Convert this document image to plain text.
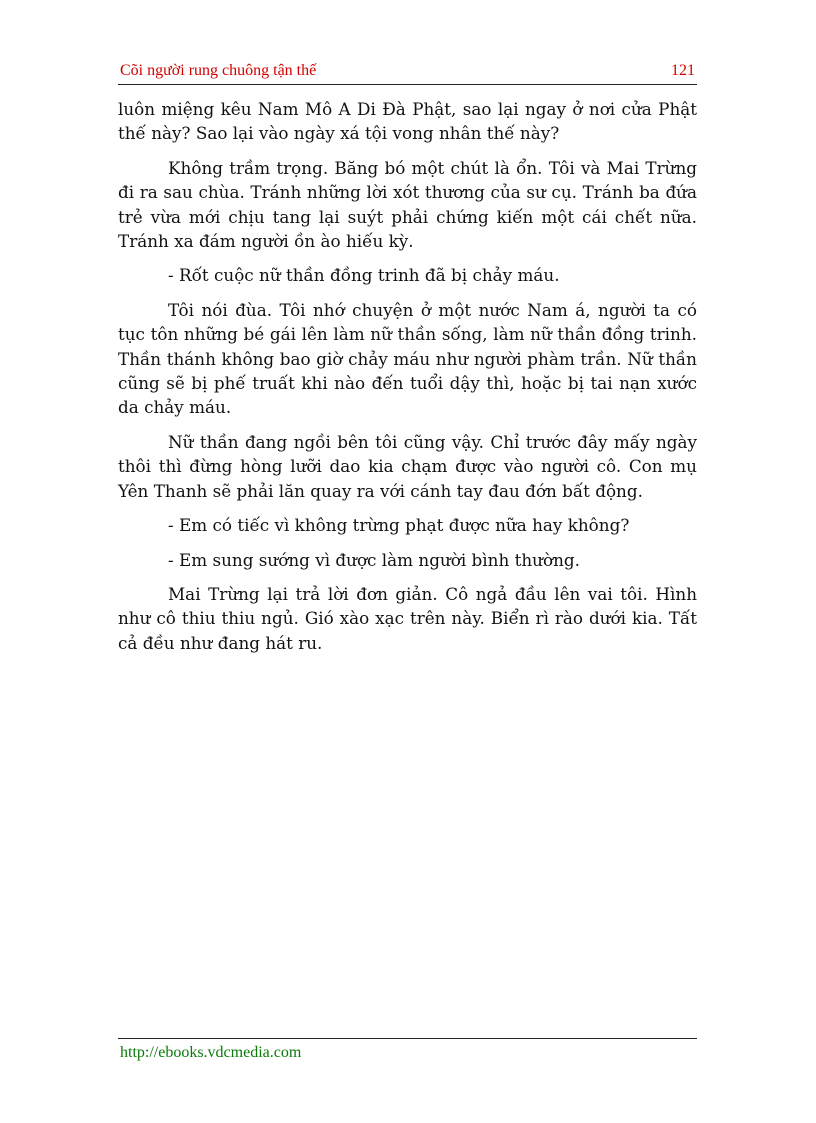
Cõi người rung chuông tận thế	121

luôn miệng kêu Nam Mô A Di Đà Phật, sao lại ngay ở nơi cửa Phật thế này? Sao lại vào ngày xá tội vong nhân thế này?

Không trầm trọng. Băng bó một chút là ổn. Tôi và Mai Trừng đi ra sau chùa. Tránh những lời xót thương của sư cụ. Tránh ba đứa trẻ vừa mới chịu tang lại suýt phải chứng kiến một cái chết nữa. Tránh xa đám người ồn ào hiếu kỳ.

- Rốt cuộc nữ thần đồng trinh đã bị chảy máu.

Tôi nói đùa. Tôi nhớ chuyện ở một nước Nam á, người ta có tục tôn những bé gái lên làm nữ thần sống, làm nữ thần đồng trinh. Thần thánh không bao giờ chảy máu như người phàm trần. Nữ thần cũng sẽ bị phế truất khi nào đến tuổi dậy thì, hoặc bị tai nạn xước da chảy máu.

Nữ thần đang ngồi bên tôi cũng vậy. Chỉ trước đây mấy ngày thôi thì đừng hòng lưỡi dao kia chạm được vào người cô. Con mụ Yên Thanh sẽ phải lăn quay ra với cánh tay đau đớn bất động.

- Em có tiếc vì không trừng phạt được nữa hay không?

- Em sung sướng vì được làm người bình thường.

Mai Trừng lại trả lời đơn giản. Cô ngả đầu lên vai tôi. Hình như cô thiu thiu ngủ. Gió xào xạc trên này. Biển rì rào dưới kia. Tất cả đều như đang hát ru.

http://ebooks.vdcmedia.com
